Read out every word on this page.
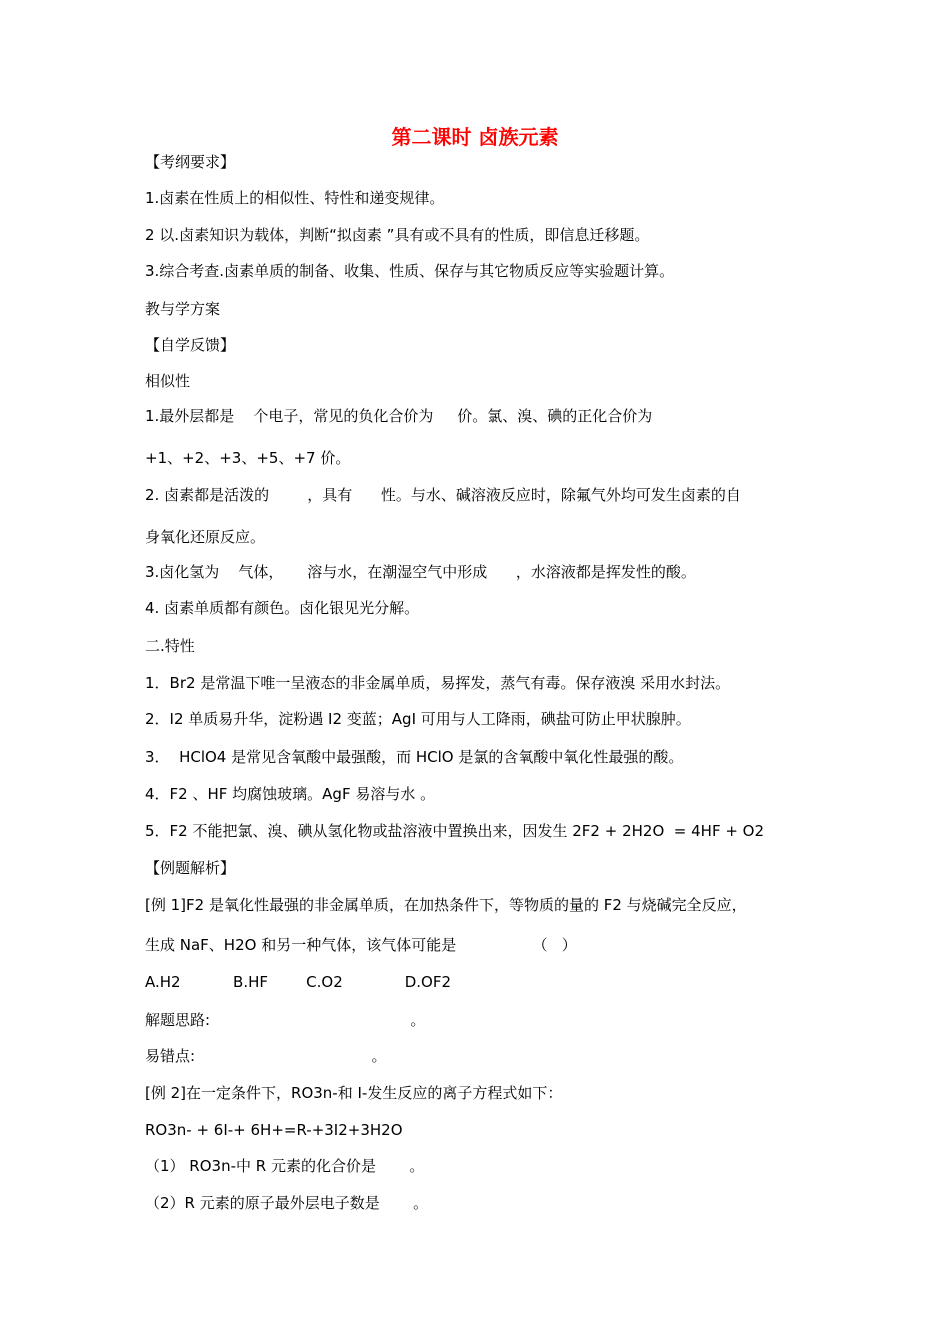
第二课时 卤族元素
【考纲要求】
1.卤素在性质上的相似性、特性和递变规律。
2 以.卤素知识为载体，判断“拟卤素 ”具有或不具有的性质，即信息迁移题。
3.综合考查.卤素单质的制备、收集、性质、保存与其它物质反应等实验题计算。
教与学方案
【自学反馈】
相似性
1.最外层都是    个电子，常见的负化合价为     价。氯、溴、碘的正化合价为
+1、+2、+3、+5、+7 价。
2. 卤素都是活泼的        ，具有      性。与水、碱溶液反应时，除氟气外均可发生卤素的自
身氧化还原反应。
3.卤化氢为    气体，     溶与水，在潮湿空气中形成      ，水溶液都是挥发性的酸。
4. 卤素单质都有颜色。卤化银见光分解。
二.特性
1．Br2 是常温下唯一呈液态的非金属单质，易挥发，蒸气有毒。保存液溴 采用水封法。
2．I2 单质易升华，淀粉遇 I2 变蓝；AgI 可用与人工降雨，碘盐可防止甲状腺肿。
3．  HClO4 是常见含氧酸中最强酸，而 HClO 是氯的含氧酸中氧化性最强的酸。
4．F2 、HF 均腐蚀玻璃。AgF 易溶与水 。
5．F2 不能把氯、溴、碘从氢化物或盐溶液中置换出来，因发生 2F2 + 2H2O  = 4HF + O2
【例题解析】
[例 1]F2 是氧化性最强的非金属单质，在加热条件下，等物质的量的 F2 与烧碱完全反应，
生成 NaF、H2O 和另一种气体，该气体可能是                （   ）
A.H2           B.HF        C.O2             D.OF2
解题思路:                                          。
易错点:                                     。
[例 2]在一定条件下，RO3n-和 I-发生反应的离子方程式如下：
RO3n- + 6I-+ 6H+=R-+3I2+3H2O
（1） RO3n-中 R 元素的化合价是       。
（2）R 元素的原子最外层电子数是       。
